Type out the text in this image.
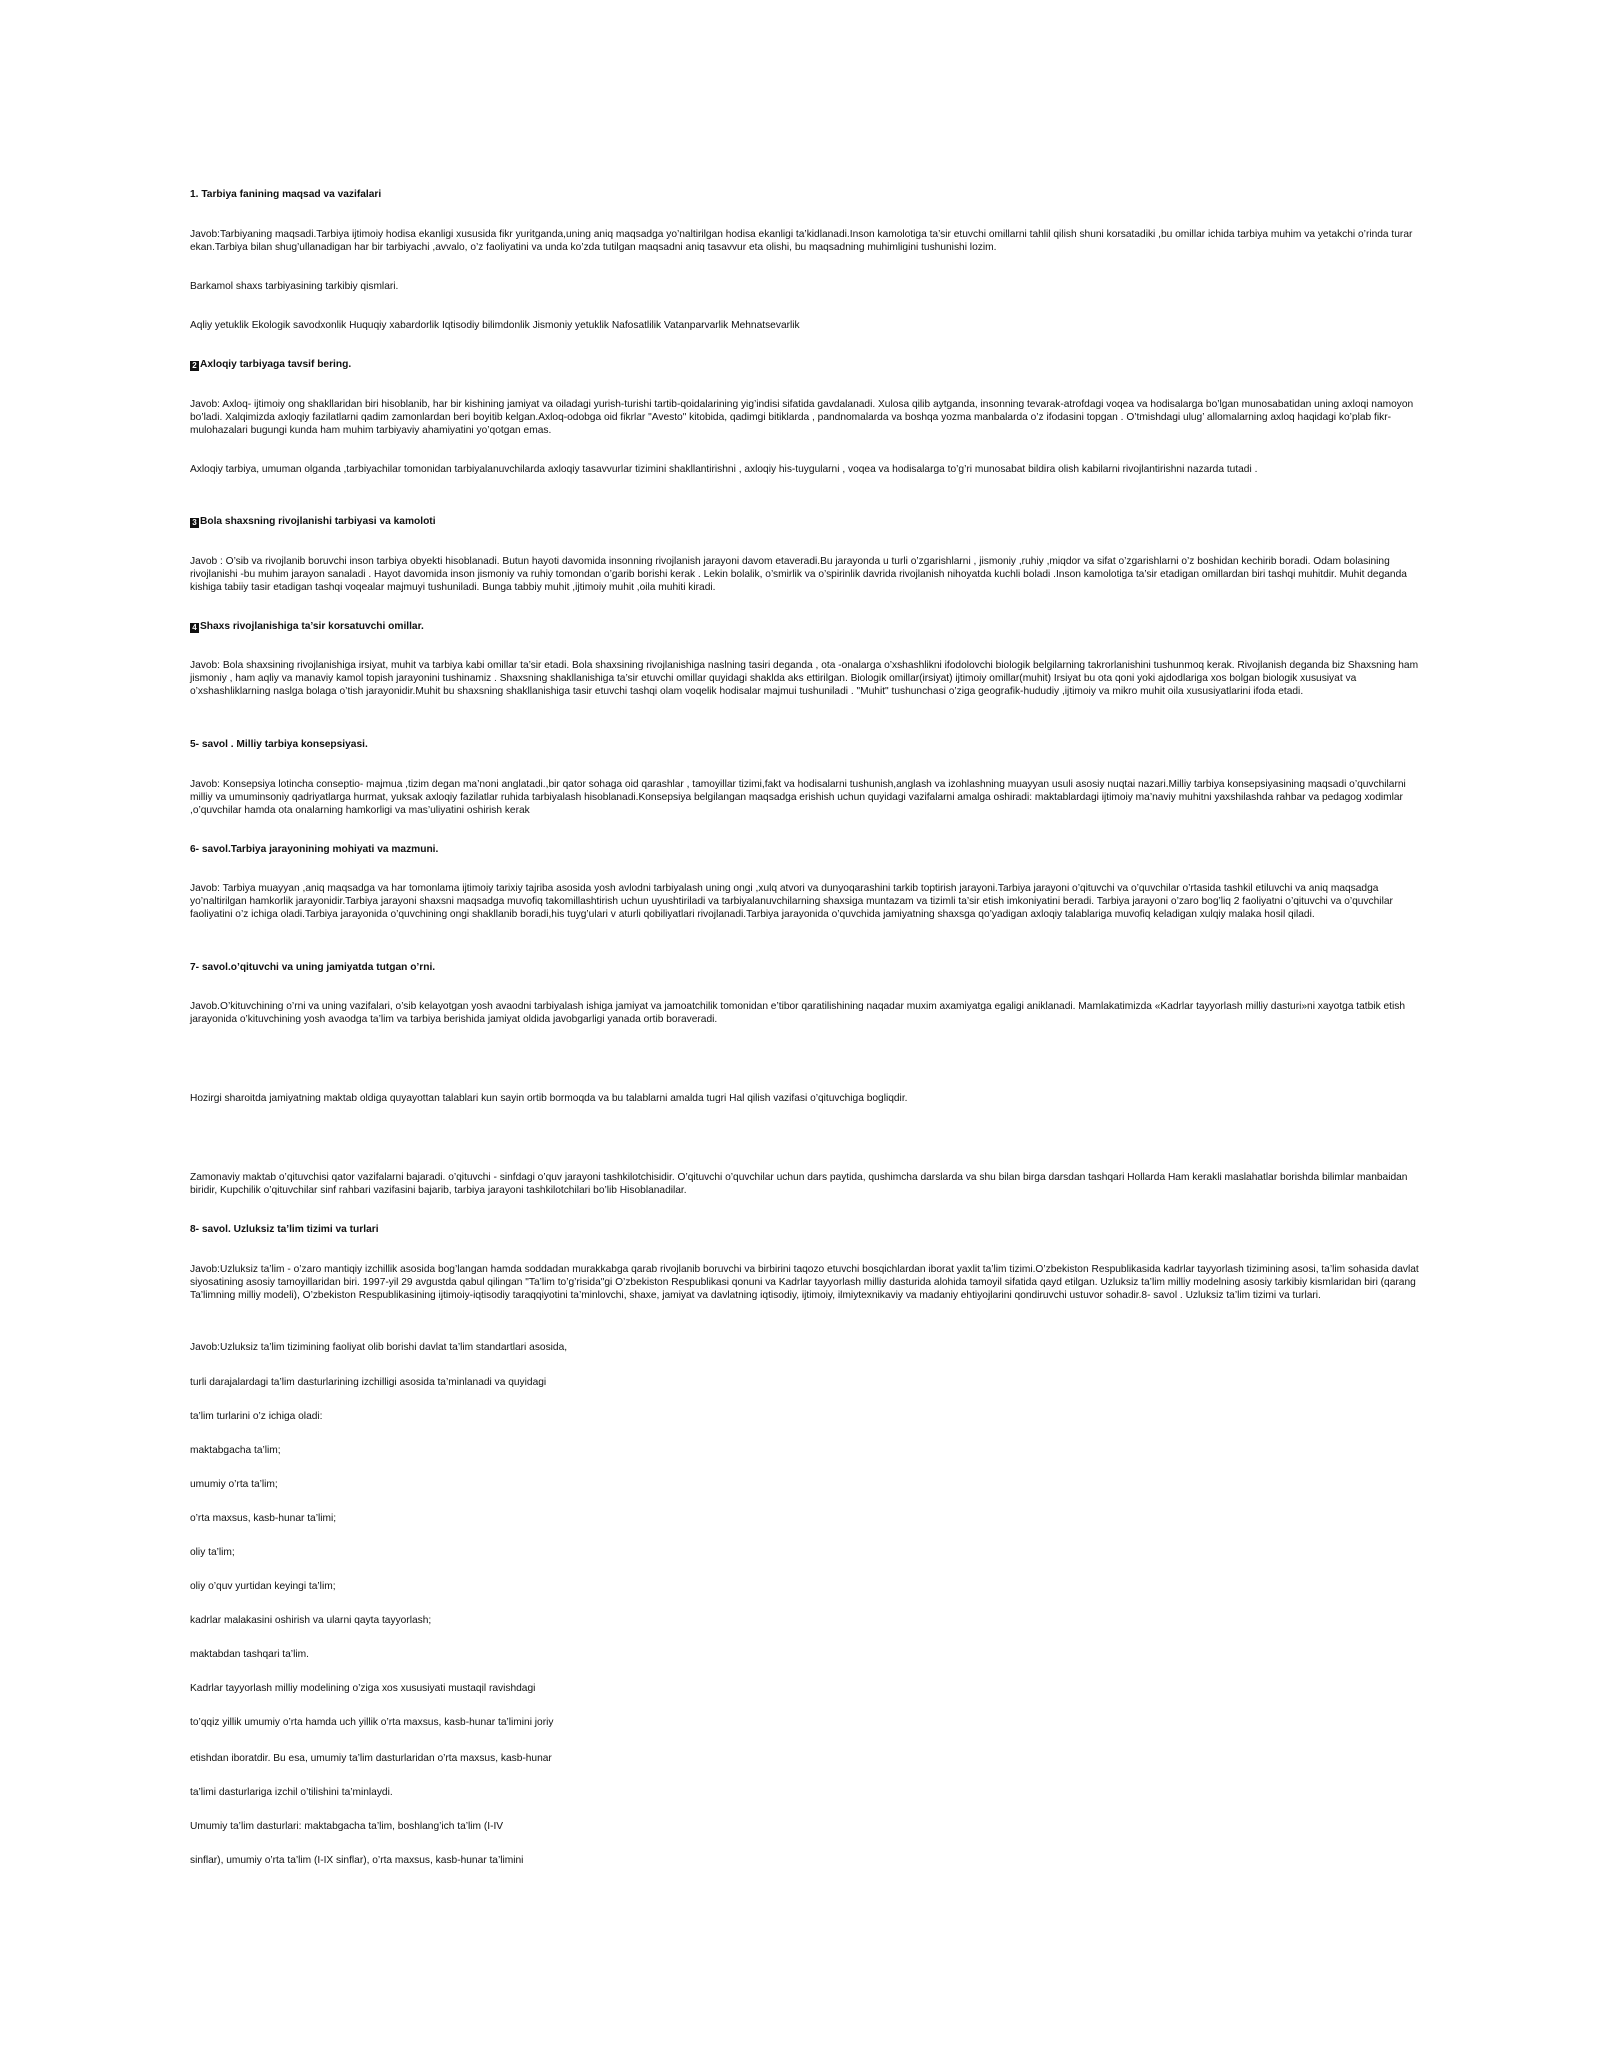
1. Tarbiya fanining maqsad va vazifalari

Javob:Tarbiyaning maqsadi.Tarbiya ijtimoiy hodisa ekanligi xususida fikr yuritganda,uning aniq maqsadga yo’naltirilgan hodisa ekanligi ta’kidlanadi.Inson kamolotiga ta’sir etuvchi omillarni tahlil qilish shuni korsatadiki ,bu omillar ichida tarbiya muhim va yetakchi o’rinda turar ekan.Tarbiya bilan shug’ullanadigan har bir tarbiyachi ,avvalo, o’z faoliyatini va unda ko’zda tutilgan maqsadni aniq tasavvur eta olishi, bu maqsadning muhimligini tushunishi lozim.

Barkamol shaxs tarbiyasining tarkibiy qismlari.

Aqliy yetuklik Ekologik savodxonlik Huquqiy xabardorlik Iqtisodiy bilimdonlik Jismoniy yetuklik Nafosatlilik Vatanparvarlik Mehnatsevarlik

2 Axloqiy tarbiyaga tavsif bering.

Javob: Axloq- ijtimoiy ong shakllaridan biri hisoblanib, har bir kishining jamiyat va oiladagi yurish-turishi tartib-qoidalarining yig’indisi sifatida gavdalanadi. Xulosa qilib aytganda, insonning tevarak-atrofdagi voqea va hodisalarga bo’lgan munosabatidan uning axloqi namoyon bo’ladi. Xalqimizda axloqiy fazilatlarni qadim zamonlardan beri boyitib kelgan.Axloq-odobga oid fikrlar "Avesto" kitobida, qadimgi bitiklarda , pandnomalarda va boshqa yozma manbalarda o’z ifodasini topgan . O’tmishdagi ulug’ allomalarning axloq haqidagi ko’plab fikr-mulohazalari bugungi kunda ham muhim tarbiyaviy ahamiyatini yo’qotgan emas.

Axloqiy tarbiya, umuman olganda ,tarbiyachilar tomonidan tarbiyalanuvchilarda axloqiy tasavvurlar tizimini shakllantirishni , axloqiy his-tuygularni , voqea va hodisalarga to’g’ri munosabat bildira olish kabilarni rivojlantirishni nazarda tutadi .

3 Bola shaxsning rivojlanishi tarbiyasi va kamoloti

Javob : O’sib va rivojlanib boruvchi inson tarbiya obyekti hisoblanadi. Butun hayoti davomida insonning rivojlanish jarayoni davom etaveradi.Bu jarayonda u turli o’zgarishlarni , jismoniy ,ruhiy ,miqdor va sifat o’zgarishlarni o’z boshidan kechirib boradi. Odam bolasining rivojlanishi -bu muhim jarayon sanaladi . Hayot davomida inson jismoniy va ruhiy tomondan o’garib borishi kerak . Lekin bolalik, o’smirlik va o’spirinlik davrida rivojlanish nihoyatda kuchli boladi .Inson kamolotiga ta’sir etadigan omillardan biri tashqi muhitdir. Muhit deganda kishiga tabiiy tasir etadigan tashqi voqealar majmuyi tushuniladi. Bunga tabbiy muhit ,ijtimoiy muhit ,oila muhiti kiradi.

4 Shaxs rivojlanishiga ta’sir korsatuvchi omillar.

Javob: Bola shaxsining rivojlanishiga irsiyat, muhit va tarbiya kabi omillar ta’sir etadi. Bola shaxsining rivojlanishiga naslning tasiri deganda , ota -onalarga o’xshashlikni ifodolovchi biologik belgilarning takrorlanishini tushunmoq kerak. Rivojlanish deganda biz Shaxsning ham jismoniy , ham aqliy va manaviy kamol topish jarayonini tushinamiz . Shaxsning shakllanishiga ta’sir etuvchi omillar quyidagi shaklda aks ettirilgan. Biologik omillar(irsiyat) ijtimoiy omillar(muhit) Irsiyat bu ota qoni yoki ajdodlariga xos bolgan biologik xususiyat va o’xshashliklarning naslga bolaga o’tish jarayonidir.Muhit bu shaxsning shakllanishiga tasir etuvchi tashqi olam voqelik hodisalar majmui tushuniladi . "Muhit" tushunchasi o’ziga geografik-hududiy ,ijtimoiy va mikro muhit oila xususiyatlarini ifoda etadi.

5- savol . Milliy tarbiya konsepsiyasi.

Javob: Konsepsiya lotincha conseptio- majmua ,tizim degan ma’noni anglatadi.,bir qator sohaga oid qarashlar , tamoyillar tizimi,fakt va hodisalarni tushunish,anglash va izohlashning muayyan usuli asosiy nuqtai nazari.Milliy tarbiya konsepsiyasining maqsadi o’quvchilarni milliy va umuminsoniy qadriyatlarga hurmat, yuksak axloqiy fazilatlar ruhida tarbiyalash hisoblanadi.Konsepsiya belgilangan maqsadga erishish uchun quyidagi vazifalarni amalga oshiradi: maktablardagi ijtimoiy ma’naviy muhitni yaxshilashda rahbar va pedagog xodimlar ,o’quvchilar hamda ota onalarning hamkorligi va mas’uliyatini oshirish kerak

6- savol.Tarbiya jarayonining mohiyati va mazmuni.

Javob: Tarbiya muayyan ,aniq maqsadga va har tomonlama ijtimoiy tarixiy tajriba asosida yosh avlodni tarbiyalash uning ongi ,xulq atvori va dunyoqarashini tarkib toptirish jarayoni.Tarbiya jarayoni o’qituvchi va o’quvchilar o’rtasida tashkil etiluvchi va aniq maqsadga yo’naltirilgan hamkorlik jarayonidir.Tarbiya jarayoni shaxsni maqsadga muvofiq takomillashtirish uchun uyushtiriladi va tarbiyalanuvchilarning shaxsiga muntazam va tizimli ta’sir etish imkoniyatini beradi. Tarbiya jarayoni o’zaro bog’liq 2 faoliyatni o’qituvchi va o’quvchilar faoliyatini o’z ichiga oladi.Tarbiya jarayonida o’quvchining ongi shakllanib boradi,his tuyg’ulari v aturli qobiliyatlari rivojlanadi.Tarbiya jarayonida o’quvchida jamiyatning shaxsga qo’yadigan axloqiy talablariga muvofiq keladigan xulqiy malaka hosil qiladi.

7- savol.o’qituvchi va uning jamiyatda tutgan o’rni.

Javob.O’kituvchining o’rni va uning vazifalari, o’sib kelayotgan yosh avaodni tarbiyalash ishiga jamiyat va jamoatchilik tomonidan e’tibor qaratilishining naqadar muxim axamiyatga egaligi aniklanadi. Mamlakatimizda «Kadrlar tayyorlash milliy dasturi»ni xayotga tatbik etish jarayonida o’kituvchining yosh avaodga ta’lim va tarbiya berishida jamiyat oldida javobgarligi yanada ortib boraveradi.

Hozirgi sharoitda jamiyatning maktab oldiga quyayottan talablari kun sayin ortib bormoqda va bu talablarni amalda tugri Hal qilish vazifasi o’qituvchiga bogliqdir.

Zamonaviy maktab o’qituvchisi qator vazifalarni bajaradi. o’qituvchi - sinfdagi o’quv jarayoni tashkilotchisidir. O’qituvchi o’quvchilar uchun dars paytida, qushimcha darslarda va shu bilan birga darsdan tashqari Hollarda Ham kerakli maslahatlar borishda bilimlar manbaidan biridir, Kupchilik o’qituvchilar sinf rahbari vazifasini bajarib, tarbiya jarayoni tashkilotchilari bo’lib Hisoblanadilar.

8- savol. Uzluksiz ta’lim tizimi va turlari

Javob:Uzluksiz ta’lim - o’zaro mantiqiy izchillik asosida bog’langan hamda soddadan murakkabga qarab rivojlanib boruvchi va birbirini taqozo etuvchi bosqichlardan iborat yaxlit ta’lim tizimi.O’zbekiston Respublikasida kadrlar tayyorlash tizimining asosi, ta’lim sohasida davlat siyosatining asosiy tamoyillaridan biri. 1997-yil 29 avgustda qabul qilingan "Ta’lim to’g’risida"gi O’zbekiston Respublikasi qonuni va Kadrlar tayyorlash milliy dasturida alohida tamoyil sifatida qayd etilgan. Uzluksiz ta’lim milliy modelning asosiy tarkibiy kismlaridan biri (qarang Ta’limning milliy modeli), O’zbekiston Respublikasining ijtimoiy-iqtisodiy taraqqiyotini ta’minlovchi, shaxe, jamiyat va davlatning iqtisodiy, ijtimoiy, ilmiytexnikaviy va madaniy ehtiyojlarini qondiruvchi ustuvor sohadir.8- savol . Uzluksiz ta’lim tizimi va turlari.

Javob:Uzluksiz ta’lim tizimining faoliyat olib borishi davlat ta’lim standartlari asosida,

turli darajalardagi ta’lim dasturlarining izchilligi asosida ta’minlanadi va quyidagi

ta’lim turlarini o’z ichiga oladi:

maktabgacha ta’lim;

umumiy o’rta ta’lim;

o’rta maxsus, kasb-hunar ta’limi;

oliy ta’lim;

oliy o’quv yurtidan keyingi ta’lim;

kadrlar malakasini oshirish va ularni qayta tayyorlash;

maktabdan tashqari ta’lim.

Kadrlar tayyorlash milliy modelining o’ziga xos xususiyati mustaqil ravishdagi

to’qqiz yillik umumiy o’rta hamda uch yillik o’rta maxsus, kasb-hunar ta’limini joriy

etishdan iboratdir. Bu esa, umumiy ta’lim dasturlaridan o’rta maxsus, kasb-hunar

ta’limi dasturlariga izchil o’tilishini ta’minlaydi.

Umumiy ta’lim dasturlari: maktabgacha ta’lim, boshlang’ich ta’lim (I-IV

sinflar), umumiy o’rta ta’lim (I-IX sinflar), o’rta maxsus, kasb-hunar ta’limini
